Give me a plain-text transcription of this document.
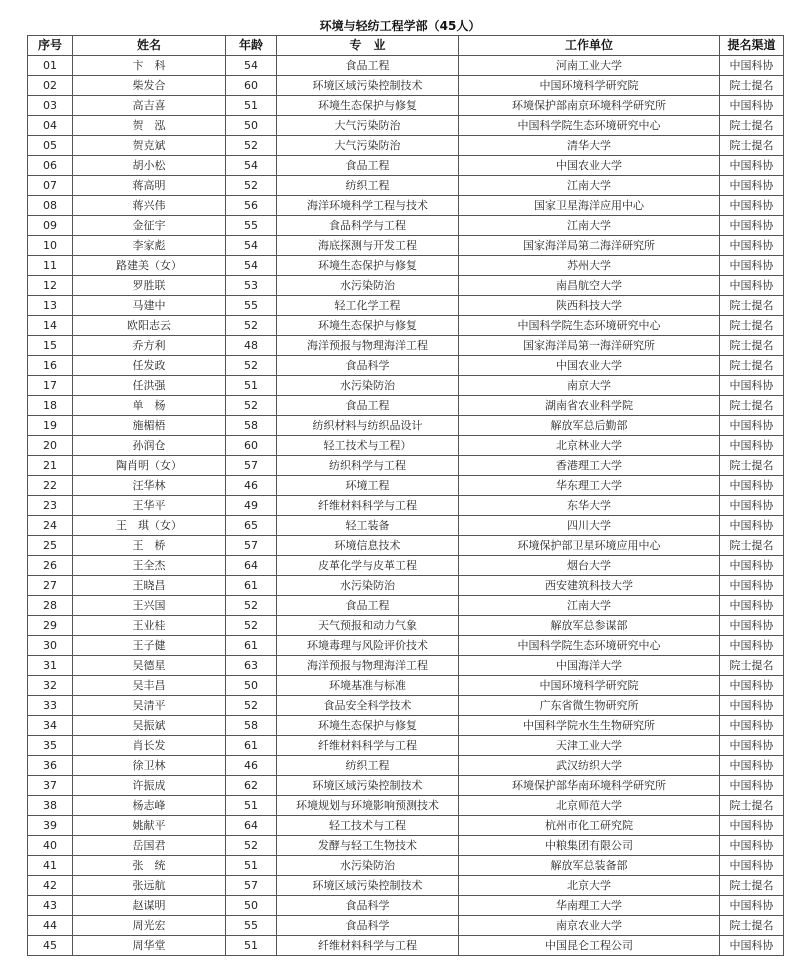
环境与轻纺工程学部（45人）
序号	姓名	年龄	专　业	工作单位	提名渠道
01	卞　科	54	食品工程	河南工业大学	中国科协
02	柴发合	60	环境区域污染控制技术	中国环境科学研究院	院士提名
03	高吉喜	51	环境生态保护与修复	环境保护部南京环境科学研究所	中国科协
04	贺　泓	50	大气污染防治	中国科学院生态环境研究中心	院士提名
05	贺克斌	52	大气污染防治	清华大学	院士提名
06	胡小松	54	食品工程	中国农业大学	中国科协
07	蒋高明	52	纺织工程	江南大学	中国科协
08	蒋兴伟	56	海洋环境科学工程与技术	国家卫星海洋应用中心	中国科协
09	金征宇	55	食品科学与工程	江南大学	中国科协
10	李家彪	54	海底探测与开发工程	国家海洋局第二海洋研究所	中国科协
11	路建美（女）	54	环境生态保护与修复	苏州大学	中国科协
12	罗胜联	53	水污染防治	南昌航空大学	中国科协
13	马建中	55	轻工化学工程	陕西科技大学	院士提名
14	欧阳志云	52	环境生态保护与修复	中国科学院生态环境研究中心	院士提名
15	乔方利	48	海洋预报与物理海洋工程	国家海洋局第一海洋研究所	院士提名
16	任发政	52	食品科学	中国农业大学	院士提名
17	任洪强	51	水污染防治	南京大学	中国科协
18	单　杨	52	食品工程	湖南省农业科学院	院士提名
19	施楣梧	58	纺织材料与纺织品设计	解放军总后勤部	中国科协
20	孙润仓	60	轻工技术与工程）	北京林业大学	中国科协
21	陶肖明（女）	57	纺织科学与工程	香港理工大学	院士提名
22	汪华林	46	环境工程	华东理工大学	中国科协
23	王华平	49	纤维材料科学与工程	东华大学	中国科协
24	王　琪（女）	65	轻工装备	四川大学	中国科协
25	王　桥	57	环境信息技术	环境保护部卫星环境应用中心	院士提名
26	王全杰	64	皮革化学与皮革工程	烟台大学	中国科协
27	王晓昌	61	水污染防治	西安建筑科技大学	中国科协
28	王兴国	52	食品工程	江南大学	中国科协
29	王业桂	52	天气预报和动力气象	解放军总参谋部	中国科协
30	王子健	61	环境毒理与风险评价技术	中国科学院生态环境研究中心	中国科协
31	吴德星	63	海洋预报与物理海洋工程	中国海洋大学	院士提名
32	吴丰昌	50	环境基准与标准	中国环境科学研究院	中国科协
33	吴清平	52	食品安全科学技术	广东省微生物研究所	中国科协
34	吴振斌	58	环境生态保护与修复	中国科学院水生生物研究所	中国科协
35	肖长发	61	纤维材料科学与工程	天津工业大学	中国科协
36	徐卫林	46	纺织工程	武汉纺织大学	中国科协
37	许振成	62	环境区域污染控制技术	环境保护部华南环境科学研究所	中国科协
38	杨志峰	51	环境规划与环境影响预测技术	北京师范大学	院士提名
39	姚献平	64	轻工技术与工程	杭州市化工研究院	中国科协
40	岳国君	52	发酵与轻工生物技术	中粮集团有限公司	中国科协
41	张　统	51	水污染防治	解放军总装备部	中国科协
42	张远航	57	环境区域污染控制技术	北京大学	院士提名
43	赵谋明	50	食品科学	华南理工大学	中国科协
44	周光宏	55	食品科学	南京农业大学	院士提名
45	周华堂	51	纤维材料科学与工程	中国昆仑工程公司	中国科协
